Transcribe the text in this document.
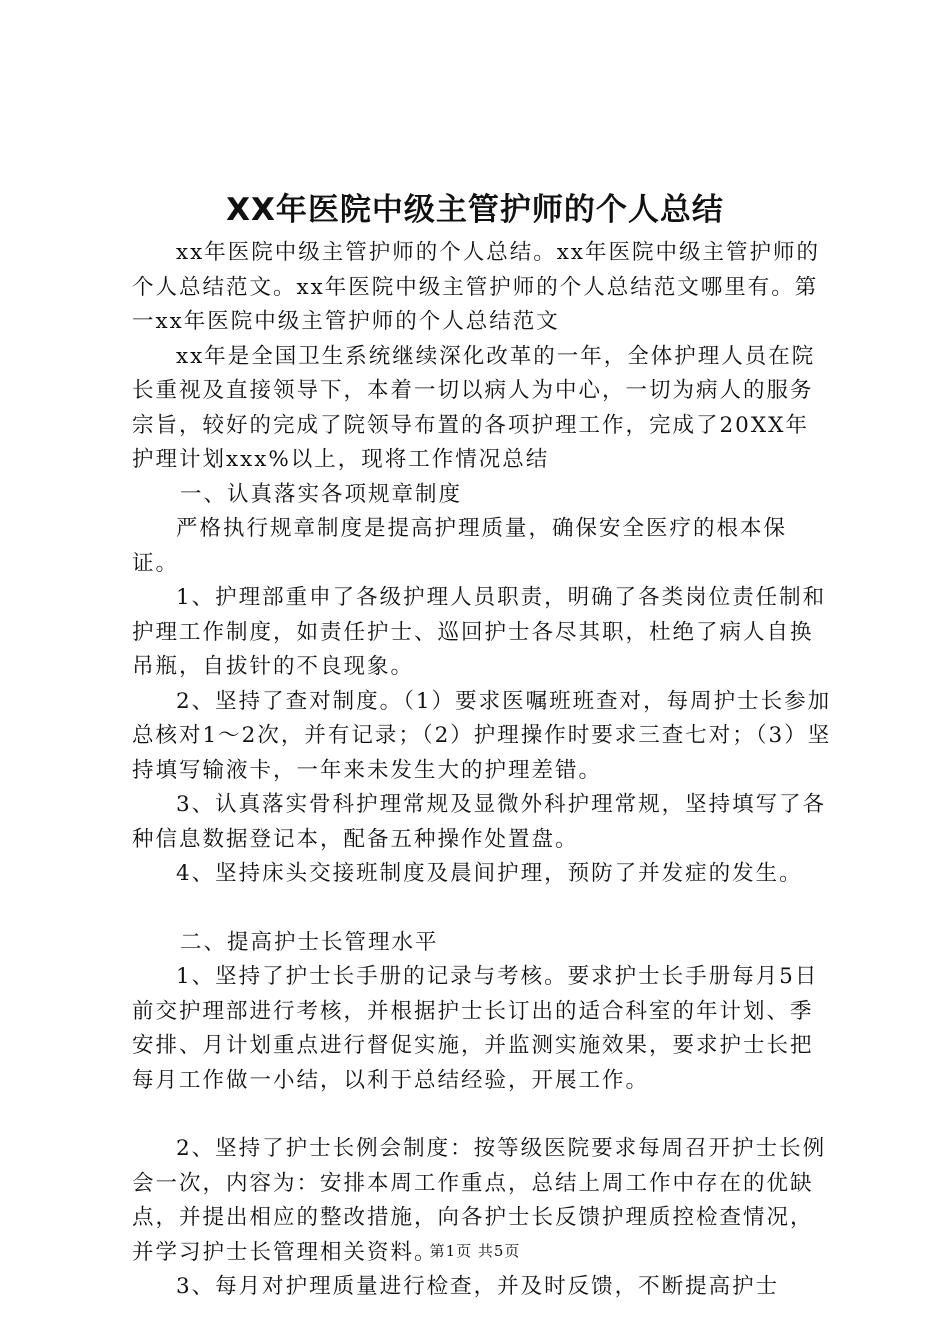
XX年医院中级主管护师的个人总结

xx年医院中级主管护师的个人总结。xx年医院中级主管护师的个人总结范文。xx年医院中级主管护师的个人总结范文哪里有。第一xx年医院中级主管护师的个人总结范文

xx年是全国卫生系统继续深化改革的一年，全体护理人员在院长重视及直接领导下，本着一切以病人为中心，一切为病人的服务宗旨，较好的完成了院领导布置的各项护理工作，完成了20XX年护理计划xxx%以上，现将工作情况总结

一、认真落实各项规章制度

严格执行规章制度是提高护理质量，确保安全医疗的根本保证。

1、护理部重申了各级护理人员职责，明确了各类岗位责任制和护理工作制度，如责任护士、巡回护士各尽其职，杜绝了病人自换吊瓶，自拔针的不良现象。

2、坚持了查对制度。（1）要求医嘱班班查对，每周护士长参加总核对1～2次，并有记录；（2）护理操作时要求三查七对；（3）坚持填写输液卡，一年来未发生大的护理差错。

3、认真落实骨科护理常规及显微外科护理常规，坚持填写了各种信息数据登记本，配备五种操作处置盘。

4、坚持床头交接班制度及晨间护理，预防了并发症的发生。

二、提高护士长管理水平

1、坚持了护士长手册的记录与考核。要求护士长手册每月5日前交护理部进行考核，并根据护士长订出的适合科室的年计划、季安排、月计划重点进行督促实施，并监测实施效果，要求护士长把每月工作做一小结，以利于总结经验，开展工作。

2、坚持了护士长例会制度：按等级医院要求每周召开护士长例会一次，内容为：安排本周工作重点，总结上周工作中存在的优缺点，并提出相应的整改措施，向各护士长反馈护理质控检查情况，并学习护士长管理相关资料。

3、每月对护理质量进行检查，并及时反馈，不断提高护士

第1页 共5页
